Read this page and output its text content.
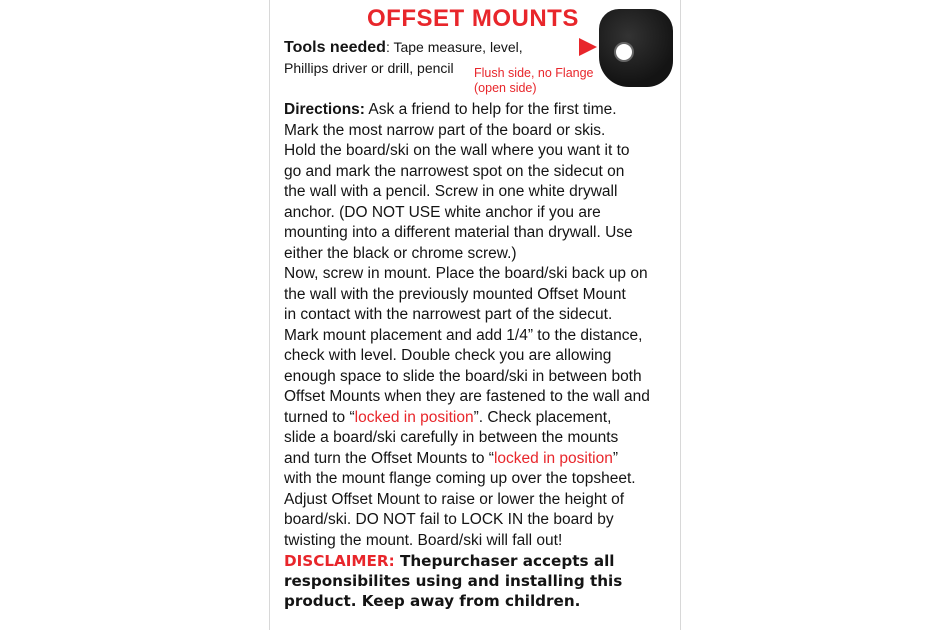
OFFSET MOUNTS
Tools needed: Tape measure, level,
Phillips driver or drill, pencil	Flush side, no Flange
(open side)
Directions: Ask a friend to help for the first time.
Mark the most narrow part of the board or skis.
Hold the board/ski on the wall where you want it to
go and mark the narrowest spot on the sidecut on
the wall with a pencil. Screw in one white drywall
anchor. (DO NOT USE white anchor if you are
mounting into a different material than drywall. Use
either the black or chrome screw.)
Now, screw in mount. Place the board/ski back up on
the wall with the previously mounted Offset Mount
in contact with the narrowest part of the sidecut.
Mark mount placement and add 1/4” to the distance,
check with level. Double check you are allowing
enough space to slide the board/ski in between both
Offset Mounts when they are fastened to the wall and
turned to “locked in position”. Check placement,
slide a board/ski carefully in between the mounts
and turn the Offset Mounts to “locked in position”
with the mount flange coming up over the topsheet.
Adjust Offset Mount to raise or lower the height of
board/ski. DO NOT fail to LOCK IN the board by
twisting the mount. Board/ski will fall out!
DISCLAIMER: Thepurchaser accepts all
responsibilites using and installing this
product. Keep away from children.
